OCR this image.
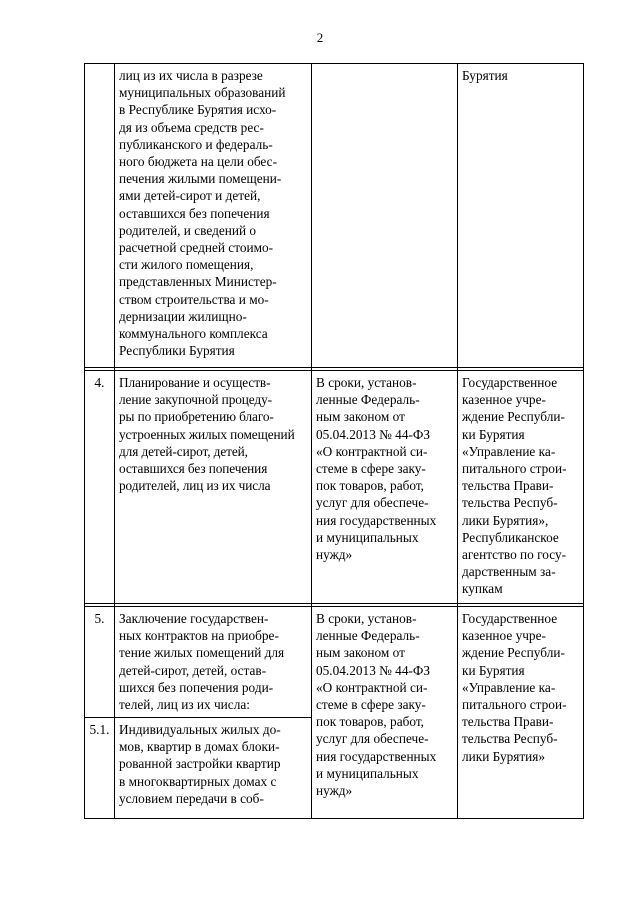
2
лиц из их числа в разрезе
муниципальных образований
в Республике Бурятия исхо-
дя из объема средств рес-
публиканского и федераль-
ного бюджета на цели обес-
печения жилыми помещени-
ями детей-сирот и детей,
оставшихся без попечения
родителей, и сведений о
расчетной средней стоимо-
сти жилого помещения,
представленных Министер-
ством строительства и мо-
дернизации жилищно-
коммунального комплекса
Республики Бурятия
Бурятия
4.	Планирование и осуществ-
ление закупочной процеду-
ры по приобретению благо-
устроенных жилых помещений для детей-сирот, детей,
оставшихся без попечения
родителей, лиц из их числа
В сроки, установ-
ленные Федераль-
ным законом от
05.04.2013 № 44-ФЗ
«О контрактной си-
стеме в сфере заку-
пок товаров, работ,
услуг для обеспече-
ния государственных
и муниципальных
нужд»
Государственное
казенное учре-
ждение Республи-
ки Бурятия
«Управление ка-
питального строи-
тельства Прави-
тельства Респуб-
лики Бурятия»,
Республиканское
агентство по госу-
дарственным за-
купкам
5.	Заключение государствен-
ных контрактов на приобре-
тение жилых помещений для
детей-сирот, детей, остав-
шихся без попечения роди-
телей, лиц из их числа:
В сроки, установ-
ленные Федераль-
ным законом от
05.04.2013 № 44-ФЗ
«О контрактной си-
стеме в сфере заку-
пок товаров, работ,
услуг для обеспече-
ния государственных
и муниципальных
нужд»
Государственное
казенное учре-
ждение Республи-
ки Бурятия
«Управление ка-
питального строи-
тельства Прави-
тельства Респуб-
лики Бурятия»
5.1. Индивидуальных жилых до-
мов, квартир в домах блоки-
рованной застройки квартир
в многоквартирных домах с
условием передачи в соб-
